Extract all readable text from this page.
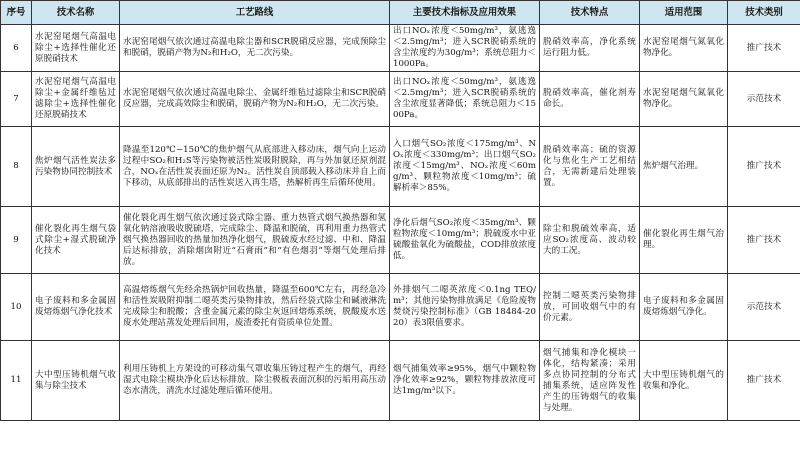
序号	技术名称	工艺路线	主要技术指标及应用效果	技术特点	适用范围	技术类别
6	水泥窑尾烟气高温电除尘+选择性催化还原脱硝技术	水泥窑尾烟气依次通过高温电除尘器和SCR脱硝反应器，完成预除尘和脱硝，脱硝产物为N₂和H₂O，无二次污染。	出口NOₓ浓度＜50mg/m³，氨逃逸＜2.5mg/m³；进入SCR脱硝系统的含尘浓度约为30g/m³；系统总阻力＜1000Pa。	脱硝效率高，净化系统运行阻力低。	水泥窑尾烟气氮氧化物净化。	推广技术
7	水泥窑尾烟气高温电除尘+金属纤维毡过滤除尘+选择性催化还原脱硝技术	水泥窑尾烟气依次通过高温电除尘、金属纤维毡过滤除尘和SCR脱硝反应器，完成高效除尘和脱硝，脱硝产物为N₂和H₂O，无二次污染。	出口NOₓ浓度＜50mg/m³，氨逃逸＜2.5mg/m³；进入SCR脱硝系统的含尘浓度显著降低；系统总阻力＜1500Pa。	脱硝效率高，催化剂寿命长。	水泥窑尾烟气氮氧化物净化。	示范技术
8	焦炉烟气活性炭法多污染物协同控制技术	降温至120℃~150℃的焦炉烟气从底部进入移动床，烟气向上运动过程中SO₂和H₂S等污染物被活性炭吸附脱除，再与外加氨还原剂混合，NOₓ在活性炭表面还原为N₂。活性炭自顶部载入移动床并自上而下移动，从底部排出的活性炭送入再生塔，热解析再生后循环使用。	入口烟气SO₂浓度＜175mg/m³、NOₓ浓度＜330mg/m³；出口烟气SO₂浓度＜15mg/m³、NOₓ浓度＜60mg/m³、颗粒物浓度＜10mg/m³；硫解析率＞85%。	脱硝效率高；硫的资源化与焦化生产工艺相结合，无需新建后处理装置。	焦炉烟气治理。	推广技术
9	催化裂化再生烟气袋式除尘+湿式脱硫净化技术	催化裂化再生烟气依次通过袋式除尘器、重力热管式烟气换热器和氢氧化钠溶液吸收脱硫塔，完成除尘、降温和脱硫，再利用重力热管式烟气换热器回收的热量加热净化烟气，脱硫废水经过滤、中和、降温后达标排放，消除烟囱附近“石膏雨”和“有色烟羽”等烟气处理后排放。	净化后烟气SO₂浓度＜35mg/m³、颗粒物浓度＜10mg/m³；脱硫废水中亚硫酸盐氧化为硫酸盐，COD排放浓度低。	除尘和脱硫效率高，适应SO₂浓度高、波动较大的工况。	催化裂化再生烟气治理。	推广技术
10	电子废料和多金属固废熔炼烟气净化技术	高温熔炼烟气先经余热锅炉回收热量，降温至600℃左右，再经急冷和活性炭吸附抑制二噁英类污染物排放，然后经袋式除尘和碱液淋洗完成除尘和脱酸；含重金属元素的除尘灰返回熔炼系统，脱酸废水送废水处理站蒸发处理后回用，废渣委托有资质单位处置。	外排烟气二噁英浓度＜0.1ng TEQ/m³；其他污染物排放满足《危险废物焚烧污染控制标准》（GB 18484-2020）表3限值要求。	控制二噁英类污染物排放，可回收烟气中的有价元素。	电子废料和多金属固废熔炼烟气净化。	示范技术
11	大中型压铸机烟气收集与除尘技术	利用压铸机上方架设的可移动集气罩收集压铸过程产生的烟气，再经湿式电除尘模块净化后达标排放。除尘极板表面沉积的污垢用高压动态水清洗，清洗水过滤处理后循环使用。	烟气捕集效率≥95%，烟气中颗粒物净化效率≥92%，颗粒物排放浓度可达1mg/m³以下。	烟气捕集和净化模块一体化，结构紧凑；采用多点协同控制的分布式捕集系统，适应阵发性产生的压铸烟气的收集与处理。	大中型压铸机烟气的收集和净化。	推广技术
